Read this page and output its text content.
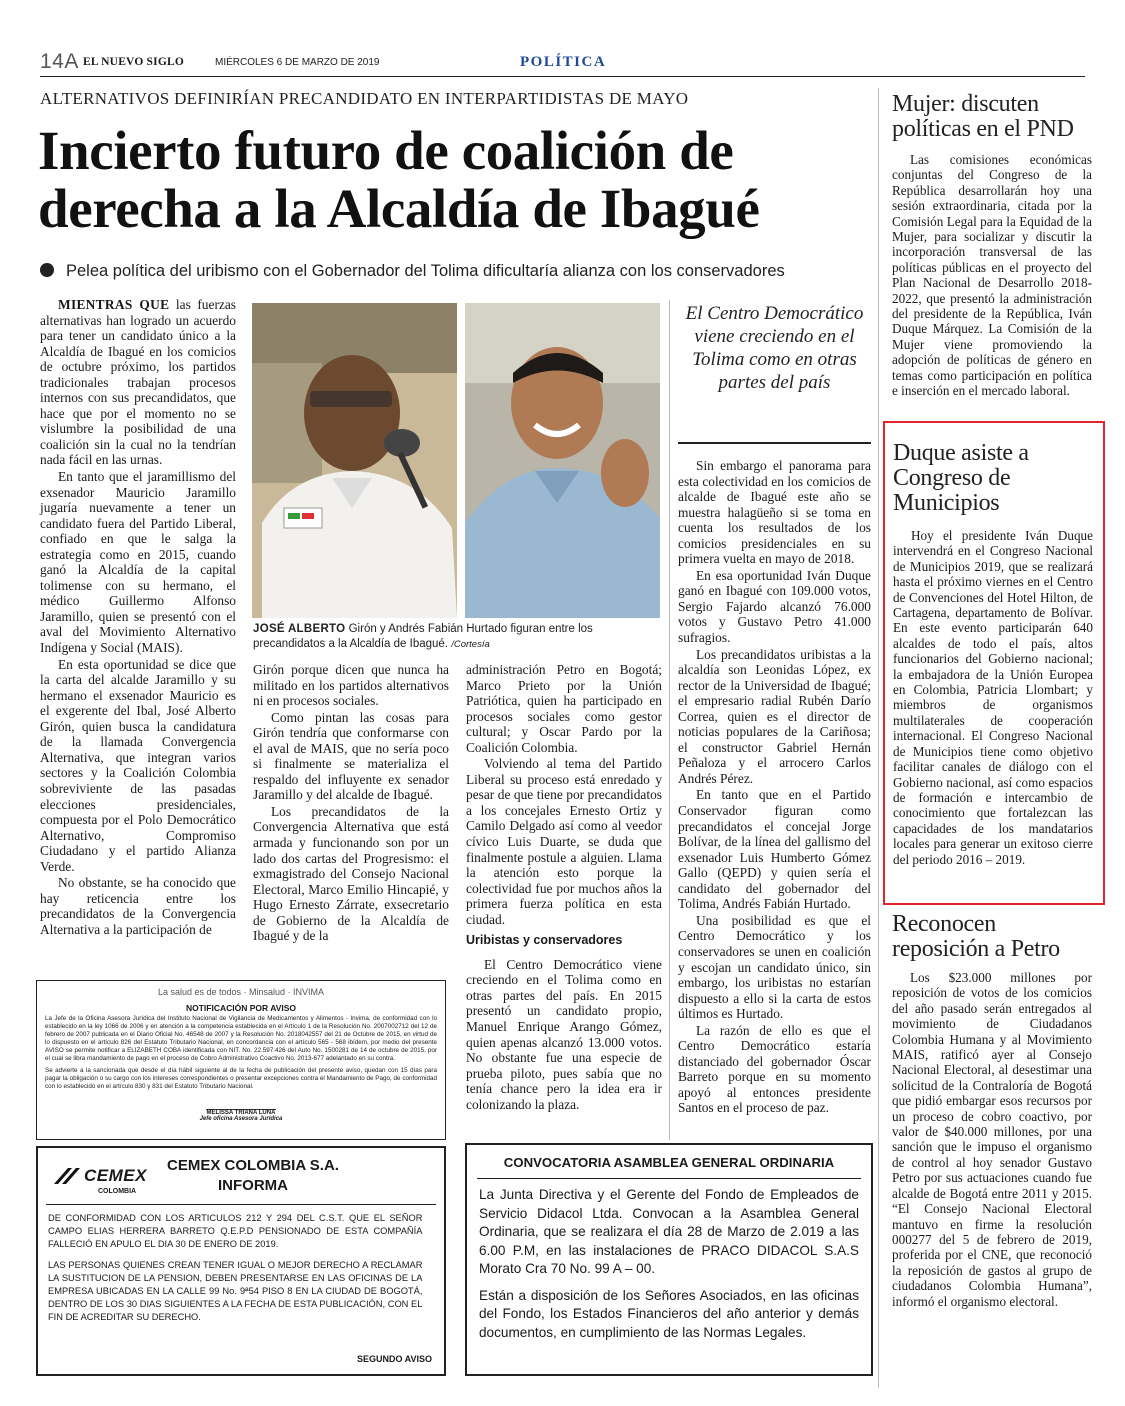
14A EL NUEVO SIGLO	MIÉRCOLES 6 DE MARZO DE 2019	POLÍTICA
ALTERNATIVOS DEFINIRÍAN PRECANDIDATO EN INTERPARTIDISTAS DE MAYO
Incierto futuro de coalición de
derecha a la Alcaldía de Ibagué
Pelea política del uribismo con el Gobernador del Tolima dificultaría alianza con los conservadores

MIENTRAS QUE las fuerzas alternativas han logrado un acuerdo para tener un candidato único a la Alcaldía de Ibagué en los comicios de octubre próximo, los partidos tradicionales trabajan procesos internos con sus precandidatos, que hace que por el momento no se vislumbre la posibilidad de una coalición sin la cual no la tendrían nada fácil en las urnas.

En tanto que el jaramillismo del exsenador Mauricio Jaramillo jugaría nuevamente a tener un candidato fuera del Partido Liberal, confiado en que le salga la estrategia como en 2015, cuando ganó la Alcaldía de la capital tolimense con su hermano, el médico Guillermo Alfonso Jaramillo, quien se presentó con el aval del Movimiento Alternativo Indígena y Social (MAIS).

En esta oportunidad se dice que la carta del alcalde Jaramillo y su hermano el exsenador Mauricio es el exgerente del Ibal, José Alberto Girón, quien busca la candidatura de la llamada Convergencia Alternativa, que integran varios sectores y la Coalición Colombia sobreviviente de las pasadas elecciones presidenciales, compuesta por el Polo Democrático Alternativo, Compromiso Ciudadano y el partido Alianza Verde.

No obstante, se ha conocido que hay reticencia entre los precandidatos de la Convergencia Alternativa a la participación de

JOSÉ ALBERTO Girón y Andrés Fabián Hurtado figuran entre los precandidatos a la Alcaldía de Ibagué. /Cortesía

Girón porque dicen que nunca ha militado en los partidos alternativos ni en procesos sociales.

Como pintan las cosas para Girón tendría que conformarse con el aval de MAIS, que no sería poco si finalmente se materializa el respaldo del influyente ex senador Jaramillo y del alcalde de Ibagué.

Los precandidatos de la Convergencia Alternativa que está armada y funcionando son por un lado dos cartas del Progresismo: el exmagistrado del Consejo Nacional Electoral, Marco Emilio Hincapié, y Hugo Ernesto Zárrate, exsecretario de Gobierno de la Alcaldía de Ibagué y de la

administración Petro en Bogotá; Marco Prieto por la Unión Patriótica, quien ha participado en procesos sociales como gestor cultural; y Oscar Pardo por la Coalición Colombia.

Volviendo al tema del Partido Liberal su proceso está enredado y pesar de que tiene por precandidatos a los concejales Ernesto Ortiz y Camilo Delgado así como al veedor cívico Luis Duarte, se duda que finalmente postule a alguien. Llama la atención esto porque la colectividad fue por muchos años la primera fuerza política en esta ciudad.

Uribistas y conservadores

El Centro Democrático viene creciendo en el Tolima como en otras partes del país. En 2015 presentó un candidato propio, Manuel Enrique Arango Gómez, quien apenas alcanzó 13.000 votos. No obstante fue una especie de prueba piloto, pues sabía que no tenía chance pero la idea era ir colonizando la plaza.

El Centro Democrático viene creciendo en el Tolima como en otras partes del país

Sin embargo el panorama para esta colectividad en los comicios de alcalde de Ibagué este año se muestra halagüeño si se toma en cuenta los resultados de los comicios presidenciales en su primera vuelta en mayo de 2018.

En esa oportunidad Iván Duque ganó en Ibagué con 109.000 votos, Sergio Fajardo alcanzó 76.000 votos y Gustavo Petro 41.000 sufragios.

Los precandidatos uribistas a la alcaldía son Leonidas López, ex rector de la Universidad de Ibagué; el empresario radial Rubén Darío Correa, quien es el director de noticias populares de la Cariñosa; el constructor Gabriel Hernán Peñaloza y el arrocero Carlos Andrés Pérez.

En tanto que en el Partido Conservador figuran como precandidatos el concejal Jorge Bolívar, de la línea del gallismo del exsenador Luis Humberto Gómez Gallo (QEPD) y quien sería el candidato del gobernador del Tolima, Andrés Fabián Hurtado.

Una posibilidad es que el Centro Democrático y los conservadores se unen en coalición y escojan un candidato único, sin embargo, los uribistas no estarían dispuesto a ello si la carta de estos últimos es Hurtado.

La razón de ello es que el Centro Democrático estaría distanciado del gobernador Óscar Barreto porque en su momento apoyó al entonces presidente Santos en el proceso de paz.

Mujer: discuten políticas en el PND

Las comisiones económicas conjuntas del Congreso de la República desarrollarán hoy una sesión extraordinaria, citada por la Comisión Legal para la Equidad de la Mujer, para socializar y discutir la incorporación transversal de las políticas públicas en el proyecto del Plan Nacional de Desarrollo 2018-2022, que presentó la administración del presidente de la República, Iván Duque Márquez. La Comisión de la Mujer viene promoviendo la adopción de políticas de género en temas como participación en política e inserción en el mercado laboral.

Duque asiste a Congreso de Municipios

Hoy el presidente Iván Duque intervendrá en el Congreso Nacional de Municipios 2019, que se realizará hasta el próximo viernes en el Centro de Convenciones del Hotel Hilton, de Cartagena, departamento de Bolívar. En este evento participarán 640 alcaldes de todo el país, altos funcionarios del Gobierno nacional; la embajadora de la Unión Europea en Colombia, Patricia Llombart; y miembros de organismos multilaterales de cooperación internacional. El Congreso Nacional de Municipios tiene como objetivo facilitar canales de diálogo con el Gobierno nacional, así como espacios de formación e intercambio de conocimiento que fortalezcan las capacidades de los mandatarios locales para generar un exitoso cierre del periodo 2016 – 2019.

Reconocen reposición a Petro

Los $23.000 millones por reposición de votos de los comicios del año pasado serán entregados al movimiento de Ciudadanos Colombia Humana y al Movimiento MAIS, ratificó ayer al Consejo Nacional Electoral, al desestimar una solicitud de la Contraloría de Bogotá que pidió embargar esos recursos por un proceso de cobro coactivo, por valor de $40.000 millones, por una sanción que le impuso el organismo de control al hoy senador Gustavo Petro por sus actuaciones cuando fue alcalde de Bogotá entre 2011 y 2015. “El Consejo Nacional Electoral mantuvo en firme la resolución 000277 del 5 de febrero de 2019, proferida por el CNE, que reconoció la reposición de gastos al grupo de ciudadanos Colombia Humana”, informó el organismo electoral.

La salud es de todos · Minsalud · INVIMA
NOTIFICACIÓN POR AVISO
La Jefe de la Oficina Asesora Jurídica del Instituto Nacional de Vigilancia de Medicamentos y Alimentos - Invima, de conformidad con lo establecido en la ley 1066 de 2006 y en atención a la competencia establecida en el Artículo 1 de la Resolución No. 2007002712 del 12 de febrero de 2007 publicada en el Diario Oficial No. 46548 de 2007 y la Resolución No. 2018042557 del 21 de Octubre de 2015, en virtud de lo dispuesto en el artículo 826 del Estatuto Tributario Nacional, en concordancia con el artículo 565 - 568 ibídem, por medio del presente AVISO se permite notificar a ELIZABETH COBA identificada con NIT. No. 22.597.426 del Auto No. 1500281 de 14 de octubre de 2015, por el cual se libra mandamiento de pago en el proceso de Cobro Administrativo Coactivo No. 2013-677 adelantado en su contra.
Se advierte a la sancionada que desde el día hábil siguiente al de la fecha de publicación del presente aviso, quedan con 15 días para pagar la obligación o su cargo con los intereses correspondientes o presentar excepciones contra el Mandamiento de Pago, de conformidad con lo establecido en el artículo 830 y 831 del Estatuto Tributario Nacional.
MELISSA TRIANA LUNA
Jefe oficina Asesora Jurídica
CEMEX
COLOMBIA
CEMEX COLOMBIA S.A.
INFORMA
DE CONFORMIDAD CON LOS ARTICULOS 212 Y 294 DEL C.S.T. QUE EL SEÑOR CAMPO ELIAS HERRERA BARRETO Q.E.P.D PENSIONADO DE ESTA COMPAÑÍA FALLECIÓ EN APULO EL DIA 30 DE ENERO DE 2019.
LAS PERSONAS QUIENES CREAN TENER IGUAL O MEJOR DERECHO A RECLAMAR LA SUSTITUCION DE LA PENSION, DEBEN PRESENTARSE EN LAS OFICINAS DE LA EMPRESA UBICADAS EN LA CALLE 99 No. 9ª54 PISO 8 EN LA CIUDAD DE BOGOTÁ, DENTRO DE LOS 30 DIAS SIGUIENTES A LA FECHA DE ESTA PUBLICACIÓN, CON EL FIN DE ACREDITAR SU DERECHO.
SEGUNDO AVISO
CONVOCATORIA ASAMBLEA GENERAL ORDINARIA
La Junta Directiva y el Gerente del Fondo de Empleados de Servicio Didacol Ltda. Convocan a la Asamblea General Ordinaria, que se realizara el día 28 de Marzo de 2.019 a las 6.00 P.M, en las instalaciones de PRACO DIDACOL S.A.S Morato Cra 70 No. 99 A – 00.
Están a disposición de los Señores Asociados, en las oficinas del Fondo, los Estados Financieros del año anterior y demás documentos, en cumplimiento de las Normas Legales.
